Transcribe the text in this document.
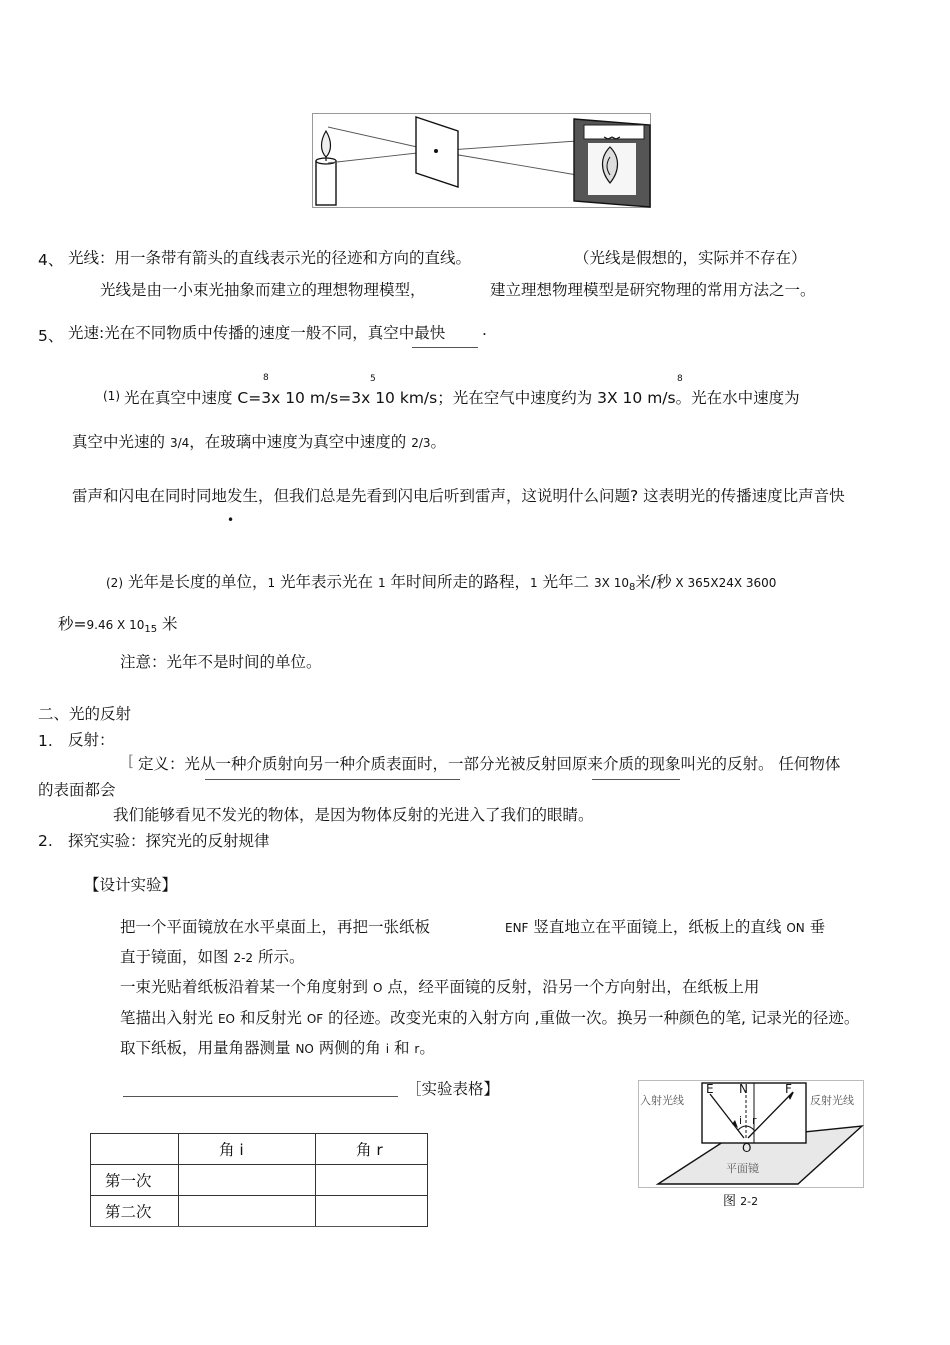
4、 光线：用一条带有箭头的直线表示光的径迹和方向的直线。	（光线是假想的，实际并不存在）
光线是由一小束光抽象而建立的理想物理模型，	建立理想物理模型是研究物理的常用方法之一。
5、 光速:光在不同物质中传播的速度一般不同，真空中最快 .
(1) 光在真空中速度 C=3x 10 m/s=3x 10 km/s；光在空气中速度约为 3X 10 m/s。光在水中速度为
8	5	8
真空中光速的 3/4，在玻璃中速度为真空中速度的 2/3。
雷声和闪电在同时同地发生，但我们总是先看到闪电后听到雷声，这说明什么问题? 这表明光的传播速度比声音快
•
(2) 光年是长度的单位，1 光年表示光在 1 年时间所走的路程，1 光年二 3X $10_8$米/秒 X 365X24X 3600
秒=9.46 X $10_{15}$ 米
注意：光年不是时间的单位。
二、光的反射
1. 反射：
[ 定义：光从一种介质射向另一种介质表面时，一部分光被反射回原来介质的现象叫光的反射。 任何物体
的表面都会
我们能够看见不发光的物体，是因为物体反射的光进入了我们的眼睛。
2. 探究实验：探究光的反射规律
【设计实验】
把一个平面镜放在水平桌面上，再把一张纸板	ENF 竖直地立在平面镜上，纸板上的直线 ON 垂
直于镜面，如图 2-2 所示。
一束光贴着纸板沿着某一个角度射到 O 点，经平面镜的反射，沿另一个方向射出，在纸板上用
笔描出入射光 EO 和反射光 OF 的径迹。改变光束的入射方向 ,重做一次。换另一种颜色的笔, 记录光的径迹。
取下纸板，用量角器测量 NO 两侧的角 i 和 r。
［实验表格】
	角 i	角 r
第一次		
第二次		
入射光线	反射光线
E N	F
i r
O
平面镜
图 2-2
